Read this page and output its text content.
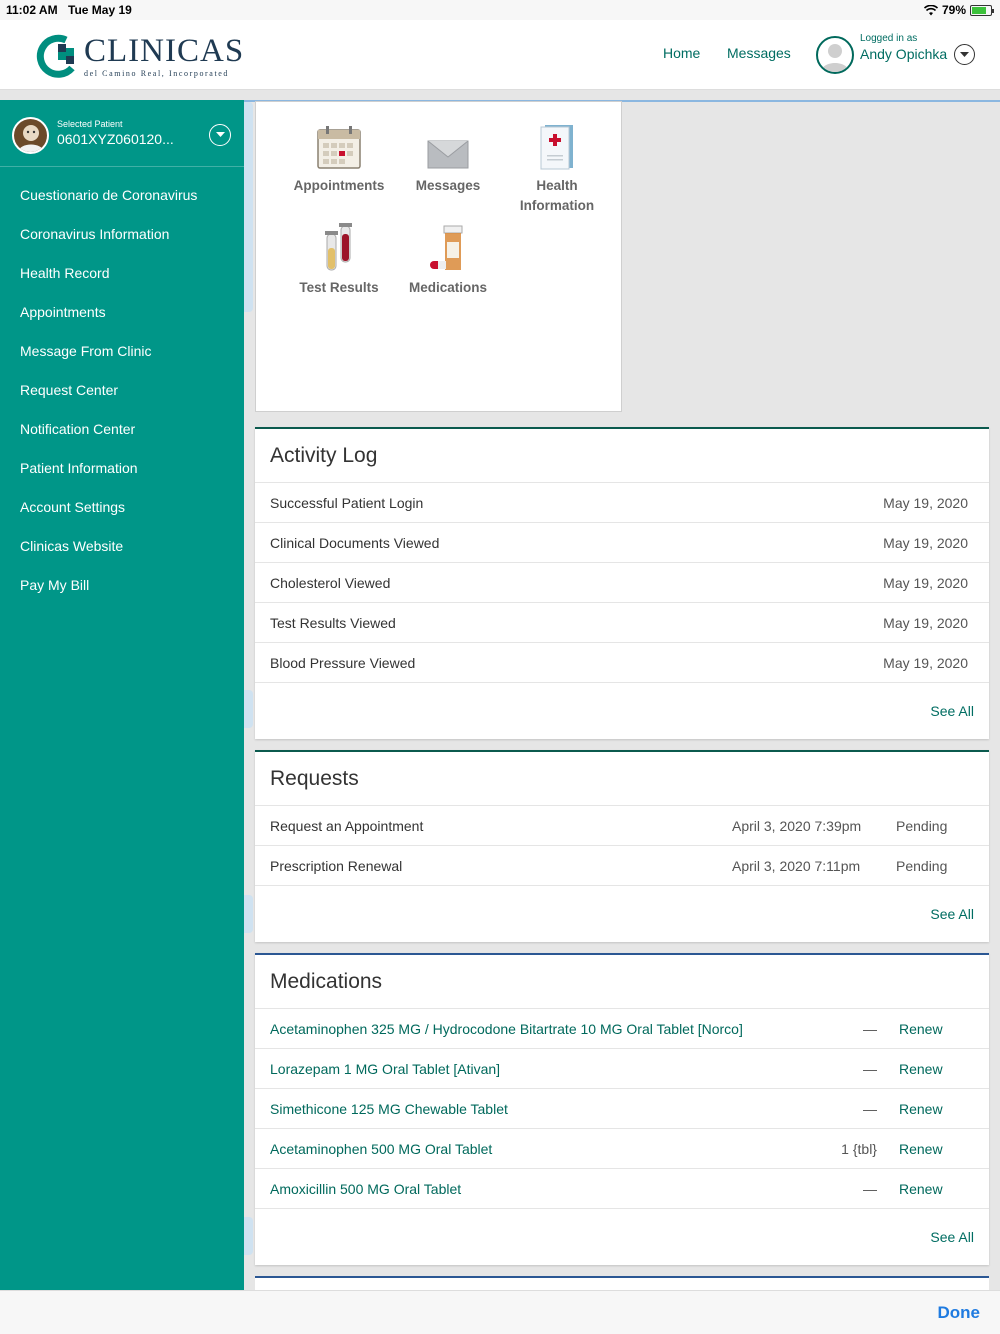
11:02 AM Tue May 19	79%
CLINICAS
del Camino Real, Incorporated
Home Messages
Logged in as
Andy Opichka
Selected Patient
0601XYZ060120...
Cuestionario de Coronavirus
Coronavirus Information
Health Record
Appointments
Message From Clinic
Request Center
Notification Center
Patient Information
Account Settings
Clinicas Website
Pay My Bill
Appointments	Messages	Health
Information
Test Results	Medications
Activity Log
Successful Patient Login	May 19, 2020
Clinical Documents Viewed	May 19, 2020
Cholesterol Viewed	May 19, 2020
Test Results Viewed	May 19, 2020
Blood Pressure Viewed	May 19, 2020
See All
Requests
Request an Appointment	April 3, 2020 7:39pm Pending
Prescription Renewal	April 3, 2020 7:11pm	Pending
See All
Medications
Acetaminophen 325 MG / Hydrocodone Bitartrate 10 MG Oral Tablet [Norco]	— Renew
Lorazepam 1 MG Oral Tablet [Ativan]	— Renew
Simethicone 125 MG Chewable Tablet	— Renew
Acetaminophen 500 MG Oral Tablet	1 {tbl} Renew
Amoxicillin 500 MG Oral Tablet	— Renew
See All
Done
